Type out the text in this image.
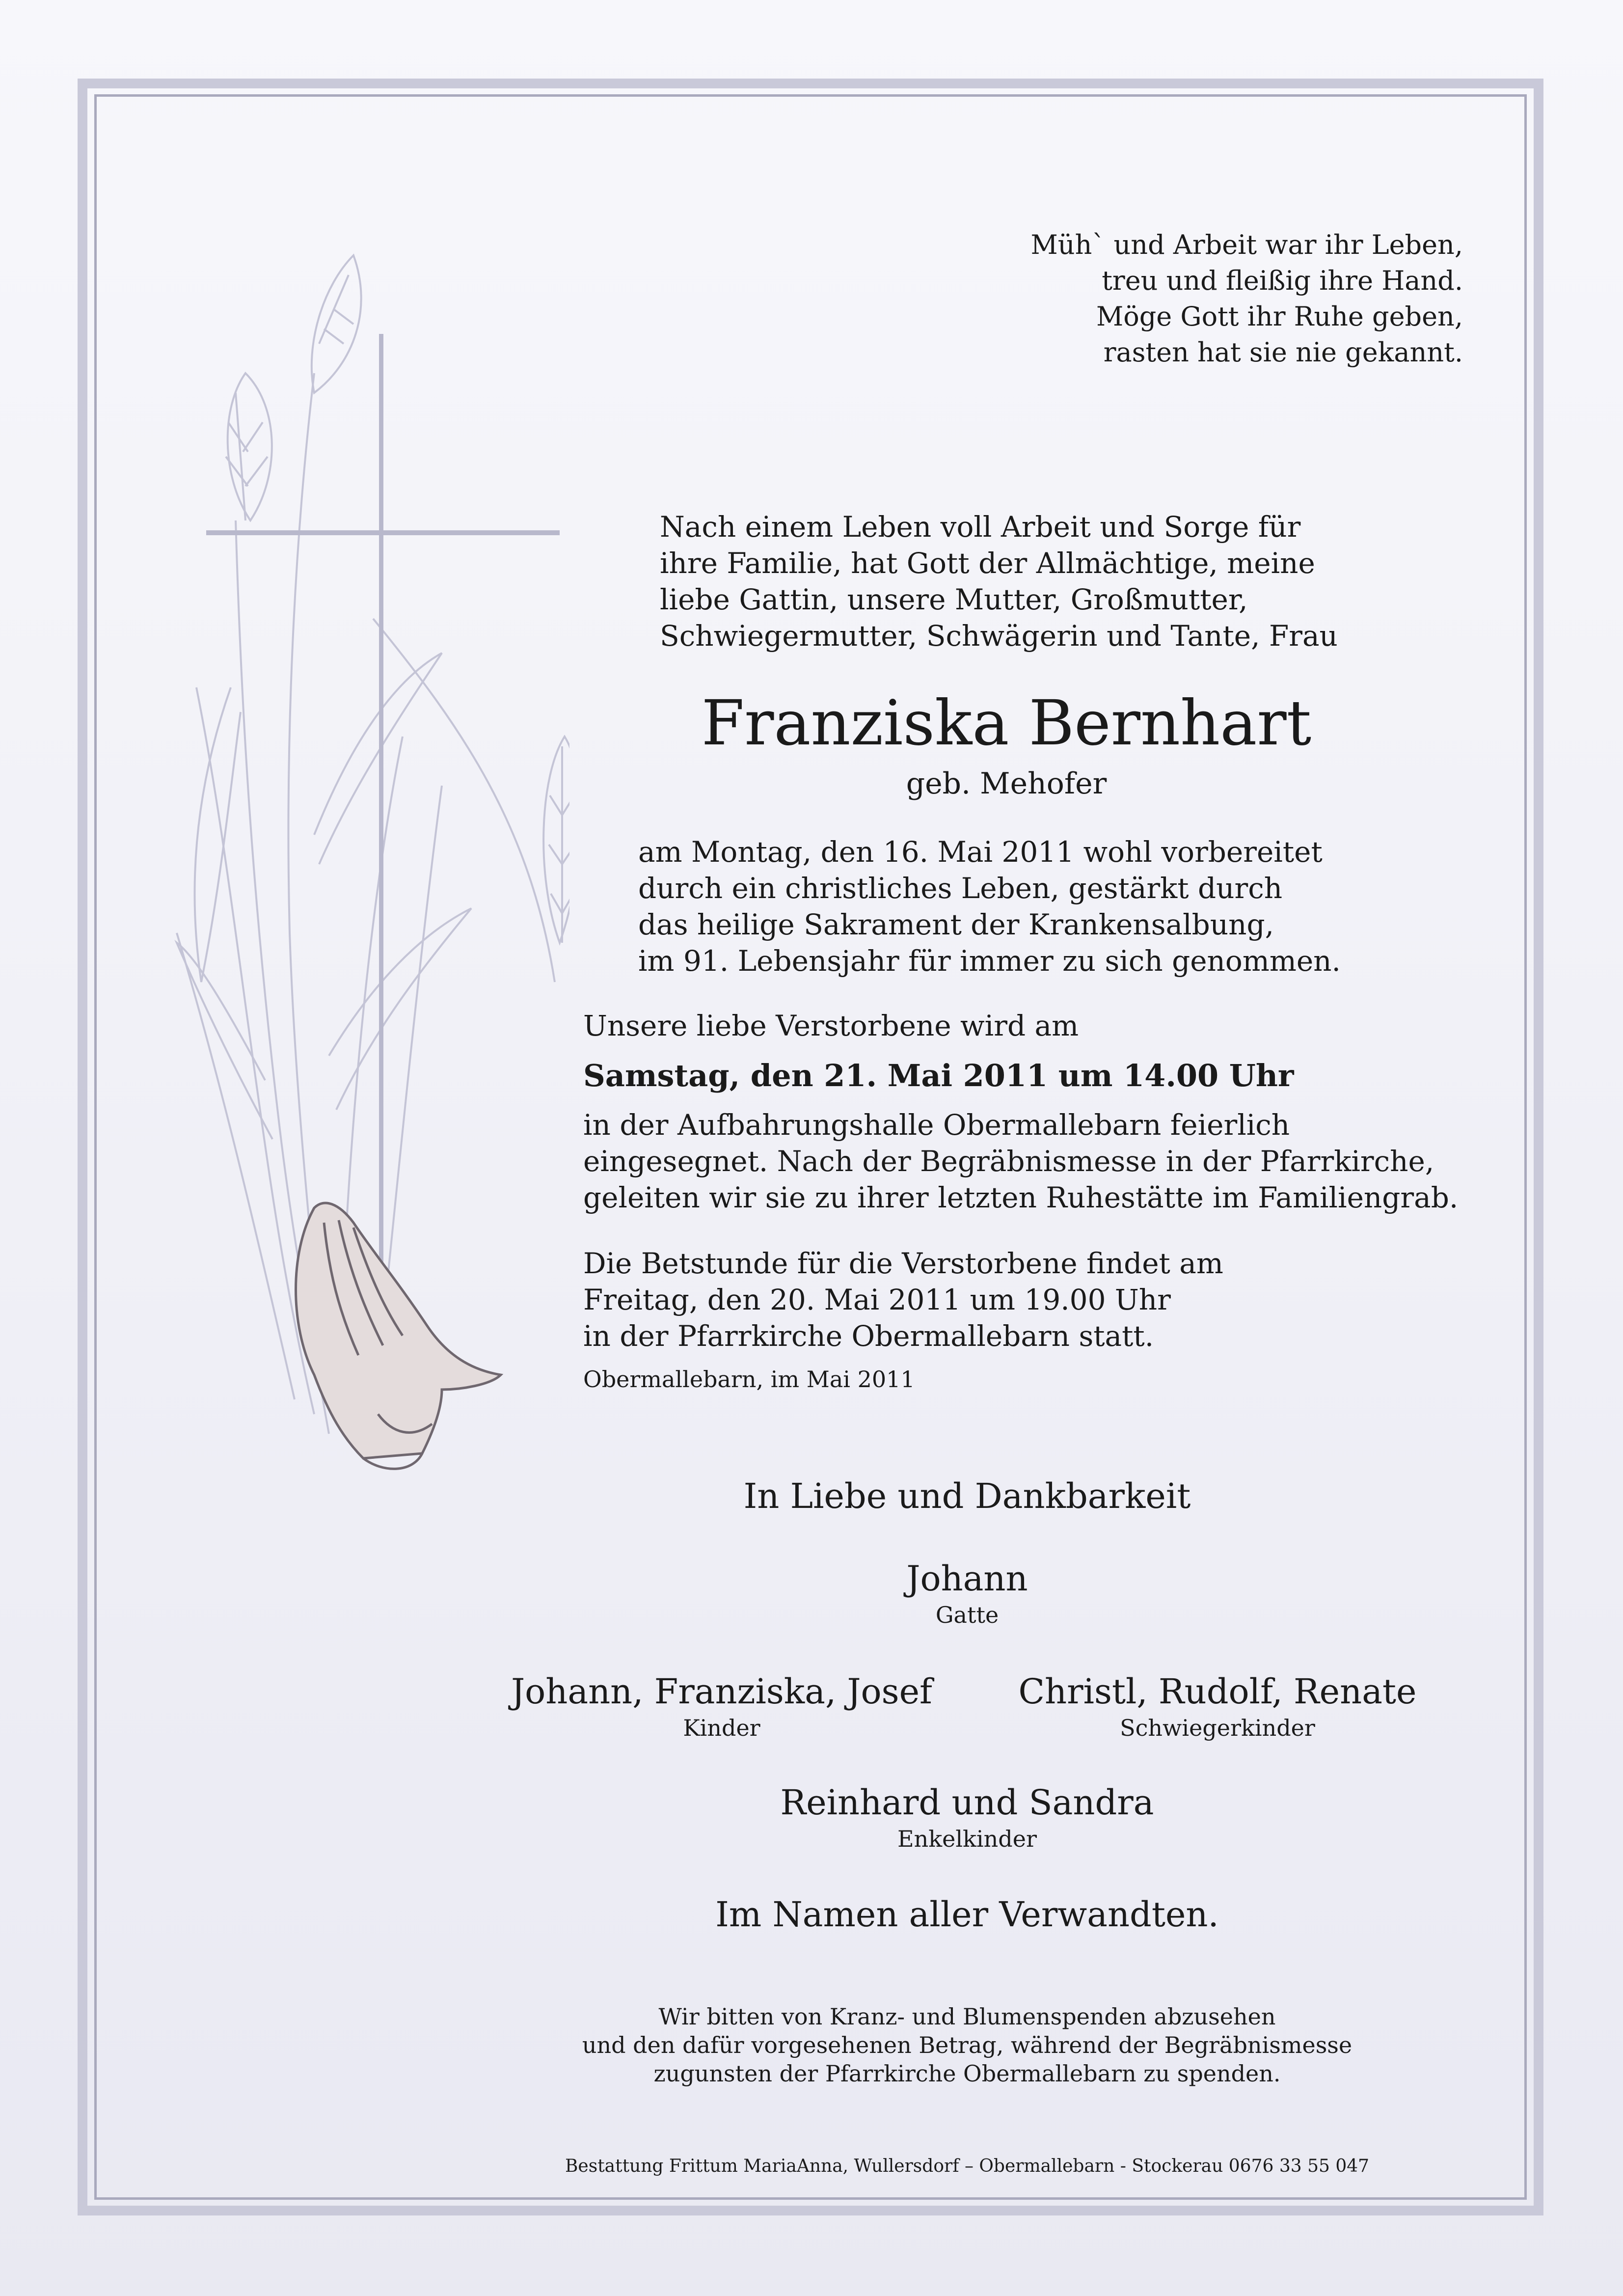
Müh` und Arbeit war ihr Leben,
treu und fleißig ihre Hand.
Möge Gott ihr Ruhe geben,
rasten hat sie nie gekannt.
Nach einem Leben voll Arbeit und Sorge für
ihre Familie, hat Gott der Allmächtige, meine
liebe Gattin, unsere Mutter, Großmutter,
Schwiegermutter, Schwägerin und Tante, Frau
Franziska Bernhart
geb. Mehofer
am Montag, den 16. Mai 2011 wohl vorbereitet
durch ein christliches Leben, gestärkt durch
das heilige Sakrament der Krankensalbung,
im 91. Lebensjahr für immer zu sich genommen.
Unsere liebe Verstorbene wird am
Samstag, den 21. Mai 2011 um 14.00 Uhr
in der Aufbahrungshalle Obermallebarn feierlich
eingesegnet. Nach der Begräbnismesse in der Pfarrkirche,
geleiten wir sie zu ihrer letzten Ruhestätte im Familiengrab.
Die Betstunde für die Verstorbene findet am
Freitag, den 20. Mai 2011 um 19.00 Uhr
in der Pfarrkirche Obermallebarn statt.
Obermallebarn, im Mai 2011
In Liebe und Dankbarkeit
Johann
Gatte
Johann, Franziska, Josef
Kinder
Christl, Rudolf, Renate
Schwiegerkinder
Reinhard und Sandra
Enkelkinder
Im Namen aller Verwandten.
Wir bitten von Kranz- und Blumenspenden abzusehen
und den dafür vorgesehenen Betrag, während der Begräbnismesse
zugunsten der Pfarrkirche Obermallebarn zu spenden.
Bestattung Frittum MariaAnna, Wullersdorf – Obermallebarn - Stockerau 0676 33 55 047
